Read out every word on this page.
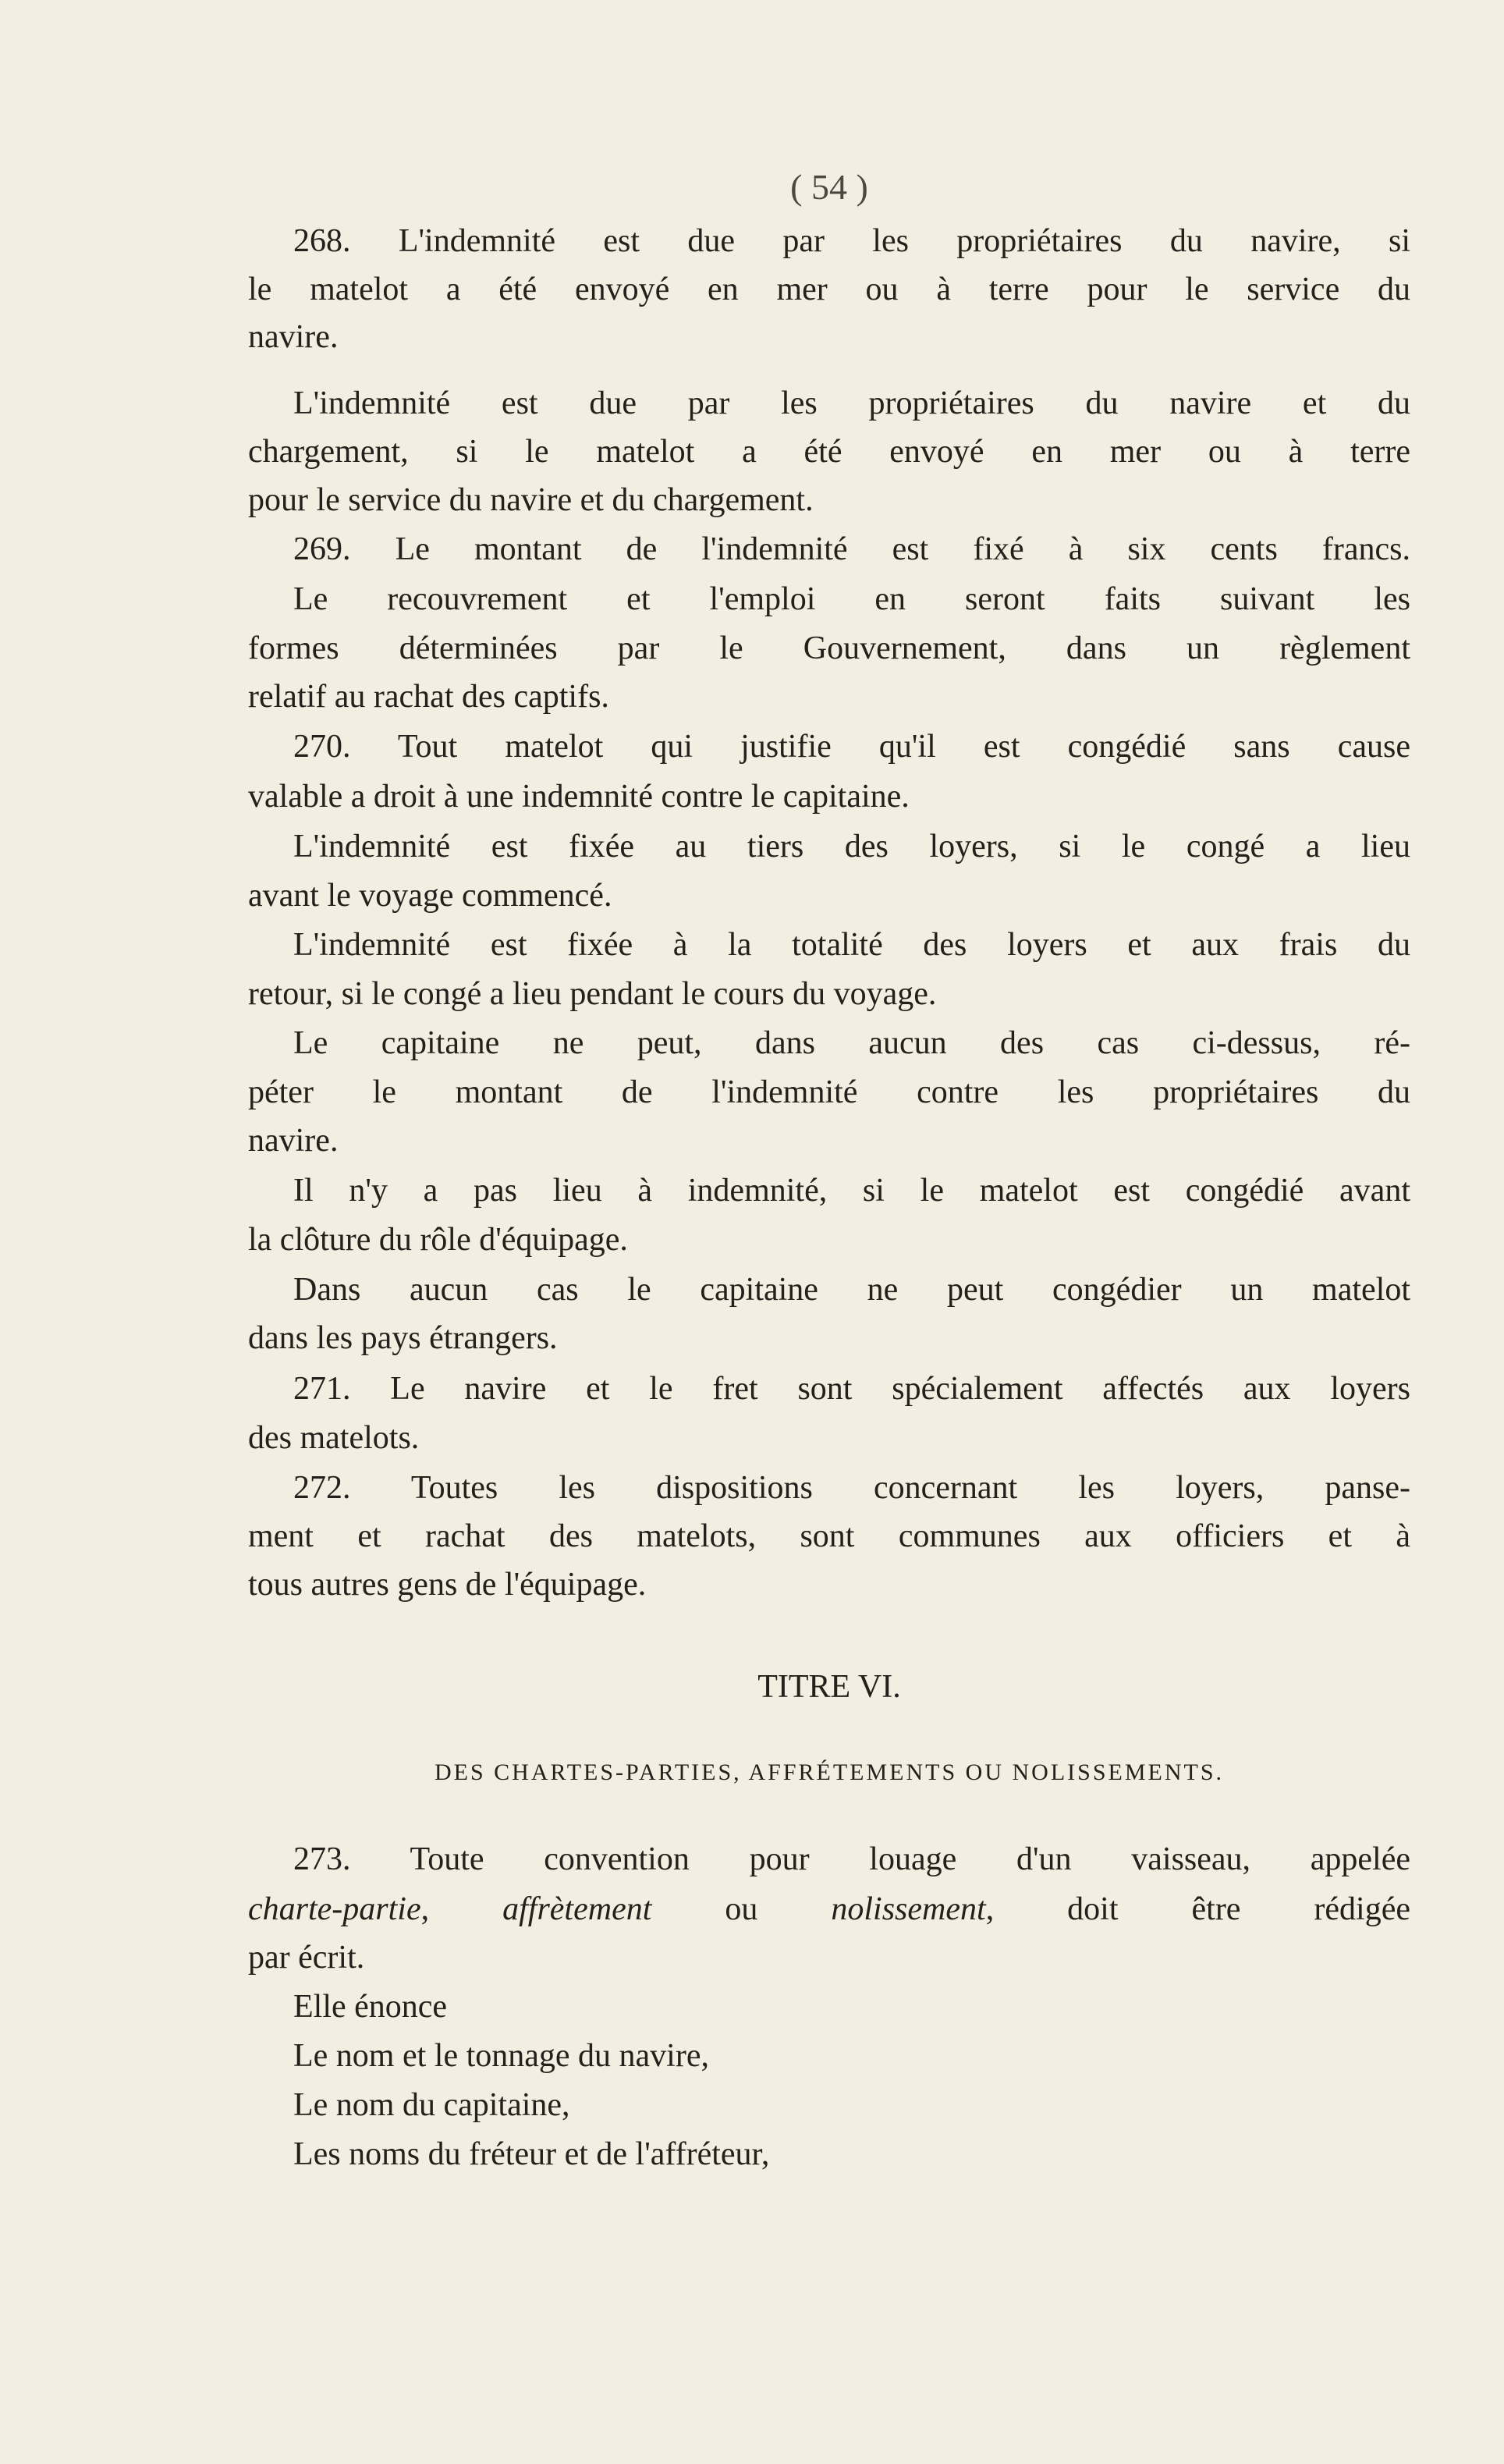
( 54 )
268. L'indemnité est due par les propriétaires du navire, si
le matelot a été envoyé en mer ou à terre pour le service du
navire.
L'indemnité est due par les propriétaires du navire et du
chargement, si le matelot a été envoyé en mer ou à terre
pour le service du navire et du chargement.
269. Le montant de l'indemnité est fixé à six cents francs.
Le recouvrement et l'emploi en seront faits suivant les
formes déterminées par le Gouvernement, dans un règlement
relatif au rachat des captifs.
270. Tout matelot qui justifie qu'il est congédié sans cause
valable a droit à une indemnité contre le capitaine.
L'indemnité est fixée au tiers des loyers, si le congé a lieu
avant le voyage commencé.
L'indemnité est fixée à la totalité des loyers et aux frais du
retour, si le congé a lieu pendant le cours du voyage.
Le capitaine ne peut, dans aucun des cas ci-dessus, ré-
péter le montant de l'indemnité contre les propriétaires du
navire.
Il n'y a pas lieu à indemnité, si le matelot est congédié avant
la clôture du rôle d'équipage.
Dans aucun cas le capitaine ne peut congédier un matelot
dans les pays étrangers.
271. Le navire et le fret sont spécialement affectés aux loyers
des matelots.
272. Toutes les dispositions concernant les loyers, panse-
ment et rachat des matelots, sont communes aux officiers et à
tous autres gens de l'équipage.
TITRE VI.
DES CHARTES-PARTIES, AFFRÉTEMENTS OU NOLISSEMENTS.
273. Toute convention pour louage d'un vaisseau, appelée
charte-partie, affrètement ou nolissement, doit être rédigée
par écrit.
Elle énonce
Le nom et le tonnage du navire,
Le nom du capitaine,
Les noms du fréteur et de l'affréteur,
